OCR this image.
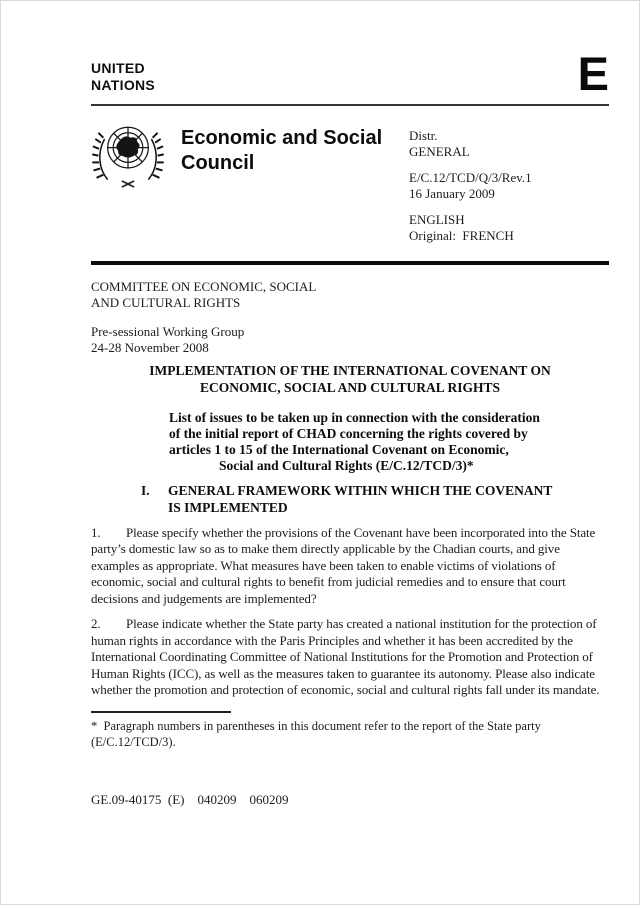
UNITED
NATIONS	E
Economic and Social
Council
Distr.
GENERAL
E/C.12/TCD/Q/3/Rev.1
16 January 2009
ENGLISH
Original:  FRENCH
COMMITTEE ON ECONOMIC, SOCIAL
AND CULTURAL RIGHTS
Pre-sessional Working Group
24-28 November 2008
IMPLEMENTATION OF THE INTERNATIONAL COVENANT ON
ECONOMIC, SOCIAL AND CULTURAL RIGHTS
List of issues to be taken up in connection with the consideration
of the initial report of CHAD concerning the rights covered by
articles 1 to 15 of the International Covenant on Economic,
Social and Cultural Rights (E/C.12/TCD/3)*
I.	GENERAL FRAMEWORK WITHIN WHICH THE COVENANT
IS IMPLEMENTED
1. Please specify whether the provisions of the Covenant have been incorporated into the State party’s domestic law so as to make them directly applicable by the Chadian courts, and give examples as appropriate. What measures have been taken to enable victims of violations of economic, social and cultural rights to benefit from judicial remedies and to ensure that court decisions and judgements are implemented?
2. Please indicate whether the State party has created a national institution for the protection of human rights in accordance with the Paris Principles and whether it has been accredited by the International Coordinating Committee of National Institutions for the Promotion and Protection of Human Rights (ICC), as well as the measures taken to guarantee its autonomy. Please also indicate whether the promotion and protection of economic, social and cultural rights fall under its mandate.
*  Paragraph numbers in parentheses in this document refer to the report of the State party
(E/C.12/TCD/3).
GE.09-40175  (E)    040209    060209
